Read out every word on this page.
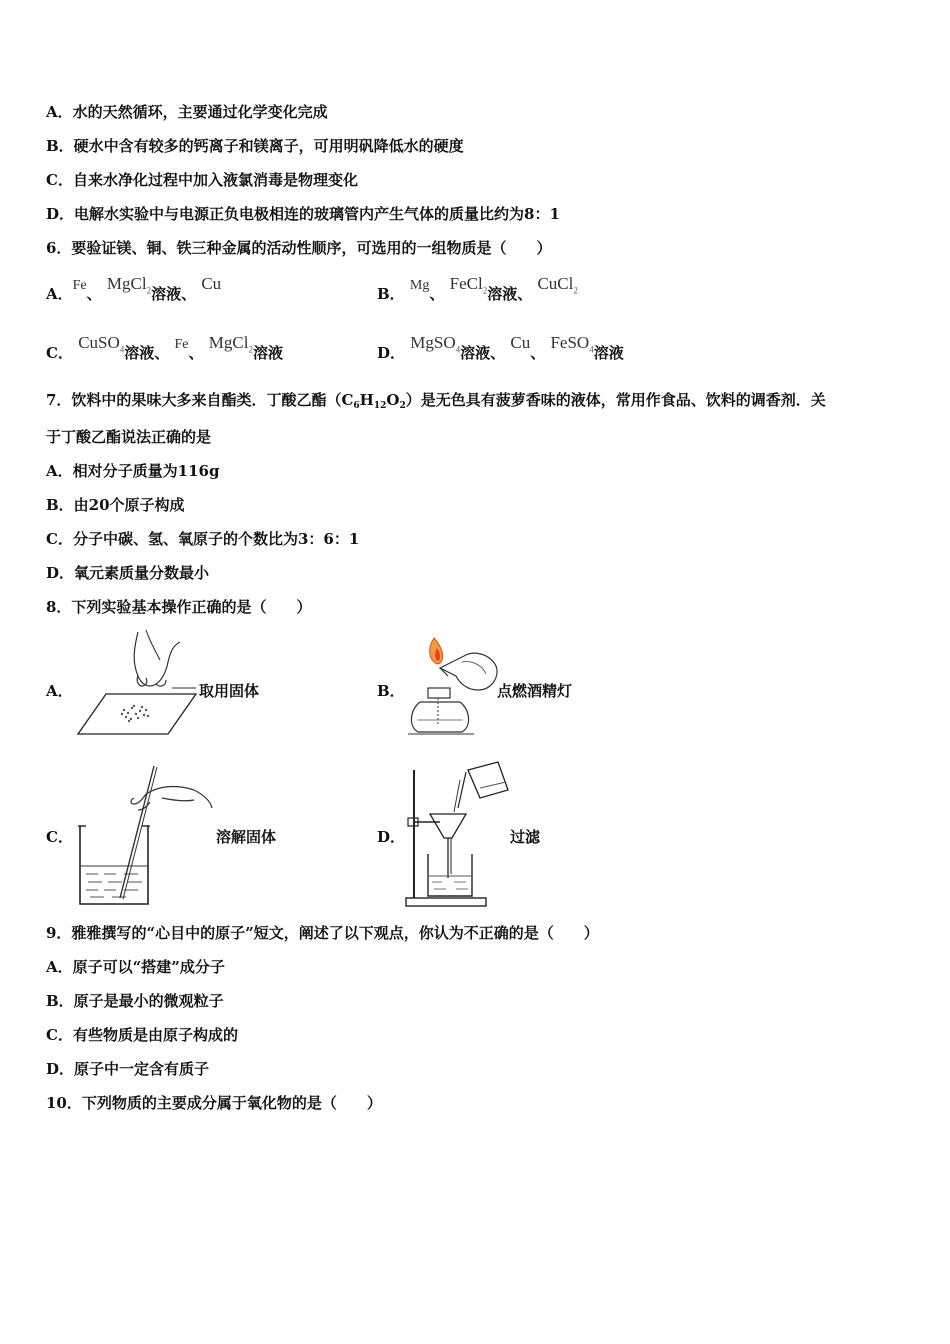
A．水的天然循环，主要通过化学变化完成
B．硬水中含有较多的钙离子和镁离子，可用明矾降低水的硬度
C．自来水净化过程中加入液氯消毒是物理变化
D．电解水实验中与电源正负电极相连的玻璃管内产生气体的质量比约为8：1
6．要验证镁、铜、铁三种金属的活动性顺序，可选用的一组物质是（　　）
A．Fe、 MgCl$_2$溶液、 Cu
B． Mg、 FeCl$_2$溶液、 CuCl$_2$
C． CuSO$_4$溶液、 Fe、 MgCl$_2$溶液	D． MgSO$_4$溶液、 Cu、 FeSO$_4$溶液
7．饮料中的果味大多来自酯类．丁酸乙酯$(C_6H_{12}O_2)$是无色具有菠萝香味的液体，常用作食品、饮料的调香剂．关
于丁酸乙酯说法正确的是
A．相对分子质量为116g
B．由20个原子构成
C．分子中碳、氢、氧原子的个数比为3：6：1
D．氧元素质量分数最小
8．下列实验基本操作正确的是（　　）
A．	取用固体	B．	点燃酒精灯
C．	溶解固体	D．	过滤
9．雅雅撰写的“心目中的原子”短文，阐述了以下观点，你认为不正确的是（　　）
A．原子可以“搭建”成分子
B．原子是最小的微观粒子
C．有些物质是由原子构成的
D．原子中一定含有质子
10．下列物质的主要成分属于氧化物的是（　　）
